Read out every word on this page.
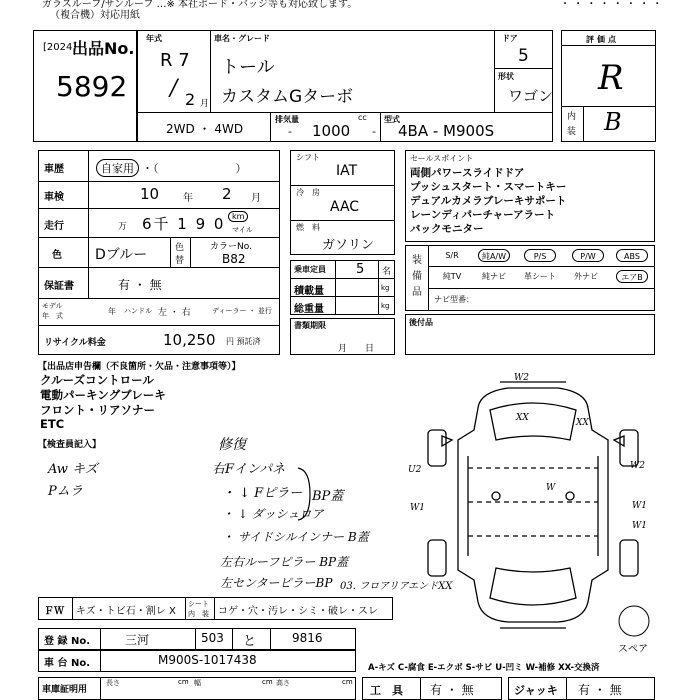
ガラスルーフ/サンルーフ …※ 本社ボード・バッジ等も対応致します。
（複合機）対応用紙
・ ・ ・ ・ ・ ・ ・ ・
出品No.
[2024]
5892
年式
R 7
/ 2 月
車名・グレード
トール
カスタムGターボ
ドア
5
形状
ワゴン
2WD ・ 4WD
排気量	cc
- 1000
型式
- 4BA - M900S
評価点
R
内
装 B
車歴	自家用 ・（　　　　　　　）
車検	10 年 2 月
走行	万 6千 1 9 0 km
マイル
色 Dブルー	色
替
カラーNo.
B82
保証書	有 ・ 無
モデル
年　式	年 ハンドル 左 ・ 右	ディーラー ・ 並行
リサイクル料金	10,250 円 預託済
シフト
IAT
冷　房
AAC
燃　料
ガソリン
乗車定員 5 名
積載量	kg
総重量	kg
書類期限
月　　日
セールスポイント
両側パワースライドドア
プッシュスタート・スマートキー
デュアルカメラブレーキサポート
レーンディパーチャーアラート
バックモニター
装
備
品
S/R	純A/W	P/S	P/W	ABS
純TV	純ナビ	革シート	外ナビ	エアB
ナビ型番：
後付品
【出品店申告欄（不良箇所・欠品・注意事項等）】
クルーズコントロール
電動パーキングブレーキ
フロント・リアソナー
ETC
【検査員記入】
Aw キズ
Pムラ
修復
右Fインパネ
・ ↓ Fピラー
・ ↓ ダッシュロア
・ サイドシルインナー B蓋
左右ルーフピラー BP蓋
左センターピラーBP
BP蓋
03. フロアリアエンドXX
W2
XX	XX
U2
W1
W
W2
W1
W1
スペア
ＦＷ キズ・トビ石・割レ X
シート
内　装 コゲ・穴・汚レ・シミ・破レ・スレ
登 録 No.	三河	503 と	9816
車 台 No.	M900S-1017438
A-キズ C-腐食 E-エクボ S-サビ U-凹ミ W-補修 XX-交換済
車庫証明用
長さ	cm 幅	cm 高さ	cm
工　具 有 ・ 無	ジャッキ 有 ・ 無
